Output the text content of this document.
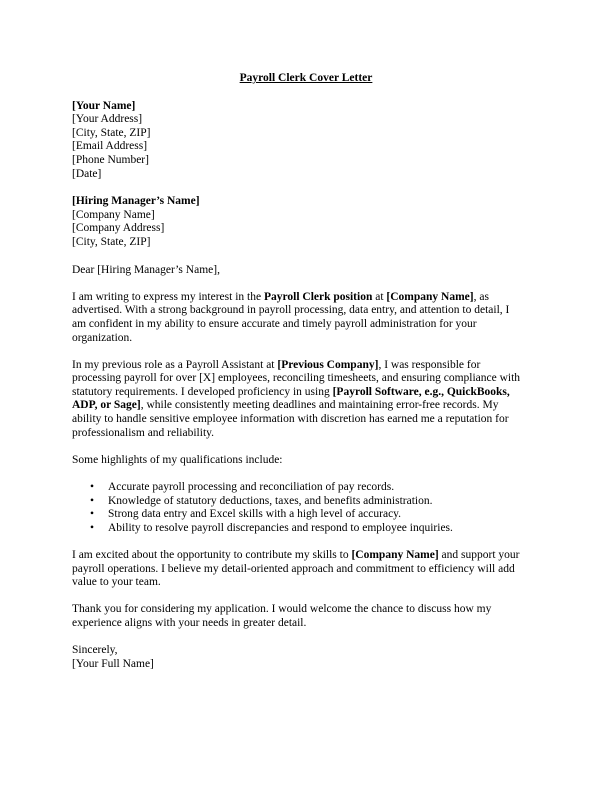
Payroll Clerk Cover Letter
[Your Name]
[Your Address]
[City, State, ZIP]
[Email Address]
[Phone Number]
[Date]
[Hiring Manager’s Name]
[Company Name]
[Company Address]
[City, State, ZIP]
Dear [Hiring Manager’s Name],
I am writing to express my interest in the Payroll Clerk position at [Company Name], as
advertised. With a strong background in payroll processing, data entry, and attention to detail, I
am confident in my ability to ensure accurate and timely payroll administration for your
organization.
In my previous role as a Payroll Assistant at [Previous Company], I was responsible for
processing payroll for over [X] employees, reconciling timesheets, and ensuring compliance with
statutory requirements. I developed proficiency in using [Payroll Software, e.g., QuickBooks,
ADP, or Sage], while consistently meeting deadlines and maintaining error-free records. My
ability to handle sensitive employee information with discretion has earned me a reputation for
professionalism and reliability.
Some highlights of my qualifications include:
• Accurate payroll processing and reconciliation of pay records.
• Knowledge of statutory deductions, taxes, and benefits administration.
• Strong data entry and Excel skills with a high level of accuracy.
• Ability to resolve payroll discrepancies and respond to employee inquiries.
I am excited about the opportunity to contribute my skills to [Company Name] and support your
payroll operations. I believe my detail-oriented approach and commitment to efficiency will add
value to your team.
Thank you for considering my application. I would welcome the chance to discuss how my
experience aligns with your needs in greater detail.
Sincerely,
[Your Full Name]
